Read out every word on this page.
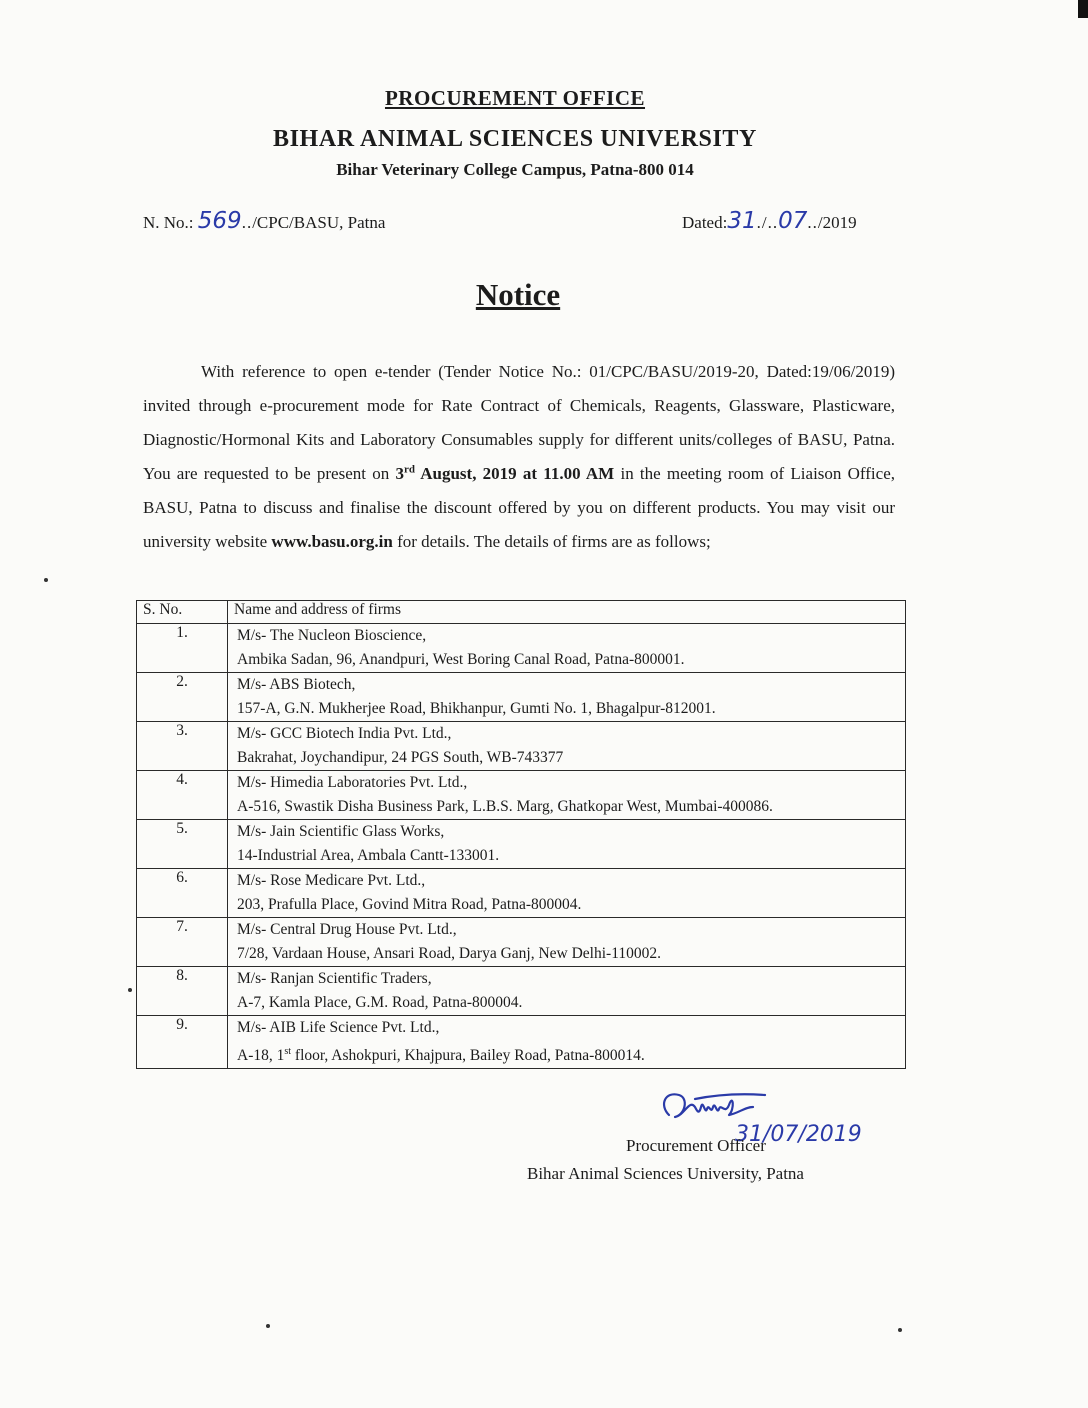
PROCUREMENT OFFICE
BIHAR ANIMAL SCIENCES UNIVERSITY
Bihar Veterinary College Campus, Patna-800 014
N. No.: 569../CPC/BASU, Patna	Dated:31./..07../2019
Notice

With reference to open e-tender (Tender Notice No.: 01/CPC/BASU/2019-20, Dated:19/06/2019) invited through e-procurement mode for Rate Contract of Chemicals, Reagents, Glassware, Plasticware, Diagnostic/Hormonal Kits and Laboratory Consumables supply for different units/colleges of BASU, Patna. You are requested to be present on 3rd August, 2019 at 11.00 AM in the meeting room of Liaison Office, BASU, Patna to discuss and finalise the discount offered by you on different products. You may visit our university website www.basu.org.in for details. The details of firms are as follows;

S. No.	Name and address of firms
1.	M/s- The Nucleon Bioscience,
Ambika Sadan, 96, Anandpuri, West Boring Canal Road, Patna-800001.

2.	M/s- ABS Biotech,
157-A, G.N. Mukherjee Road, Bhikhanpur, Gumti No. 1, Bhagalpur-812001.

3.	M/s- GCC Biotech India Pvt. Ltd.,
Bakrahat, Joychandipur, 24 PGS South, WB-743377

4.	M/s- Himedia Laboratories Pvt. Ltd.,
A-516, Swastik Disha Business Park, L.B.S. Marg, Ghatkopar West, Mumbai-400086.

5.	M/s- Jain Scientific Glass Works,
14-Industrial Area, Ambala Cantt-133001.

6.	M/s- Rose Medicare Pvt. Ltd.,
203, Prafulla Place, Govind Mitra Road, Patna-800004.

7.	M/s- Central Drug House Pvt. Ltd.,
7/28, Vardaan House, Ansari Road, Darya Ganj, New Delhi-110002.

8.	M/s- Ranjan Scientific Traders,
A-7, Kamla Place, G.M. Road, Patna-800004.

9.	M/s- AIB Life Science Pvt. Ltd.,
A-18, 1st floor, Ashokpuri, Khajpura, Bailey Road, Patna-800014.
31/07/2019
Procurement Officer
Bihar Animal Sciences University, Patna
